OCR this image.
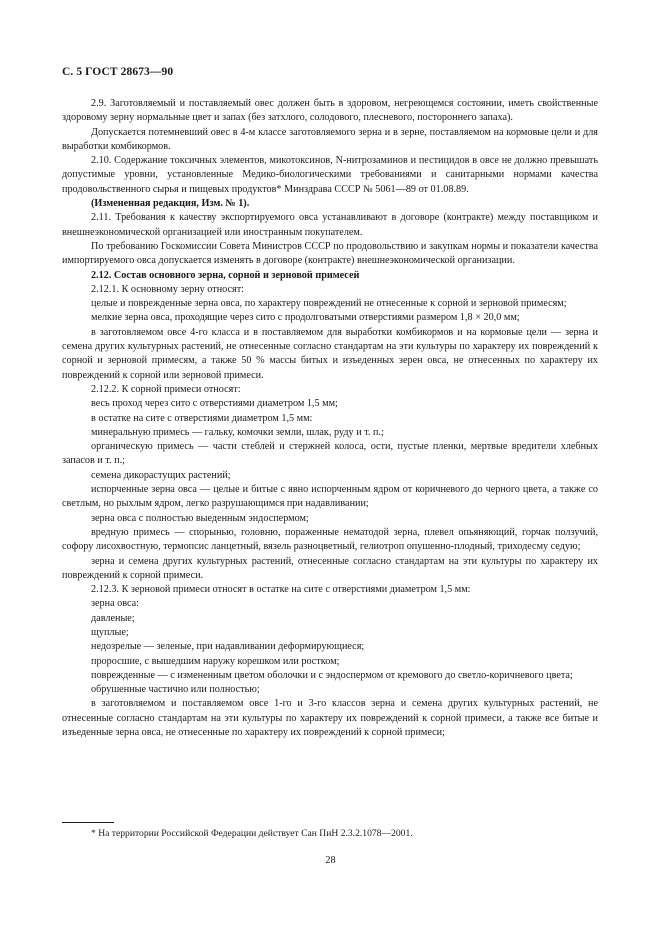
С. 5 ГОСТ 28673—90

2.9. Заготовляемый и поставляемый овес должен быть в здоровом, негреющемся состоянии, иметь свойственные здоровому зерну нормальные цвет и запах (без затхлого, солодового, плесневого, постороннего запаха).

Допускается потемневший овес в 4-м классе заготовляемого зерна и в зерне, поставляемом на кормовые цели и для выработки комбикормов.

2.10. Содержание токсичных элементов, микотоксинов, N-нитрозаминов и пестицидов в овсе не должно превышать допустимые уровни, установленные Медико-биологическими требованиями и санитарными нормами качества продовольственного сырья и пищевых продуктов* Минздрава СССР № 5061—89 от 01.08.89.

(Измененная редакция, Изм. № 1).

2.11. Требования к качеству экспортируемого овса устанавливают в договоре (контракте) между поставщиком и внешнеэкономической организацией или иностранным покупателем.

По требованию Госкомиссии Совета Министров СССР по продовольствию и закупкам нормы и показатели качества импортируемого овса допускается изменять в договоре (контракте) внешнеэкономической организации.

2.12. Состав основного зерна, сорной и зерновой примесей

2.12.1. К основному зерну относят:

целые и поврежденные зерна овса, по характеру повреждений не отнесенные к сорной и зерновой примесям;

мелкие зерна овса, проходящие через сито с продолговатыми отверстиями размером 1,8 × 20,0 мм;

в заготовляемом овсе 4-го класса и в поставляемом для выработки комбикормов и на кормовые цели — зерна и семена других культурных растений, не отнесенные согласно стандартам на эти культуры по характеру их повреждений к сорной и зерновой примесям, а также 50 % массы битых и изъеденных зерен овса, не отнесенных по характеру их повреждений к сорной или зерновой примеси.

2.12.2. К сорной примеси относят:

весь проход через сито с отверстиями диаметром 1,5 мм;

в остатке на сите с отверстиями диаметром 1,5 мм:

минеральную примесь — гальку, комочки земли, шлак, руду и т. п.;

органическую примесь — части стеблей и стержней колоса, ости, пустые пленки, мертвые вредители хлебных запасов и т. п.;

семена дикорастущих растений;

испорченные зерна овса — целые и битые с явно испорченным ядром от коричневого до черного цвета, а также со светлым, но рыхлым ядром, легко разрушающимся при надавливании;

зерна овса с полностью выеденным эндоспермом;

вредную примесь — спорынью, головню, пораженные нематодой зерна, плевел опьяняющий, горчак ползучий, софору лисохвостную, термопсис ланцетный, вязель разноцветный, гелиотроп опушенно-плодный, триходесму седую;

зерна и семена других культурных растений, отнесенные согласно стандартам на эти культуры по характеру их повреждений к сорной примеси.

2.12.3. К зерновой примеси относят в остатке на сите с отверстиями диаметром 1,5 мм:

зерна овса:

давленые;

щуплые;

недозрелые — зеленые, при надавливании деформирующиеся;

проросшие, с вышедшим наружу корешком или ростком;

поврежденные — с измененным цветом оболочки и с эндоспермом от кремового до светло-коричневого цвета;

обрушенные частично или полностью;

в заготовляемом и поставляемом овсе 1-го и 3-го классов зерна и семена других культурных растений, не отнесенные согласно стандартам на эти культуры по характеру их повреждений к сорной примеси, а также все битые и изъеденные зерна овса, не отнесенные по характеру их повреждений к сорной примеси;

* На территории Российской Федерации действует Сан ПиН 2.3.2.1078—2001.
28
